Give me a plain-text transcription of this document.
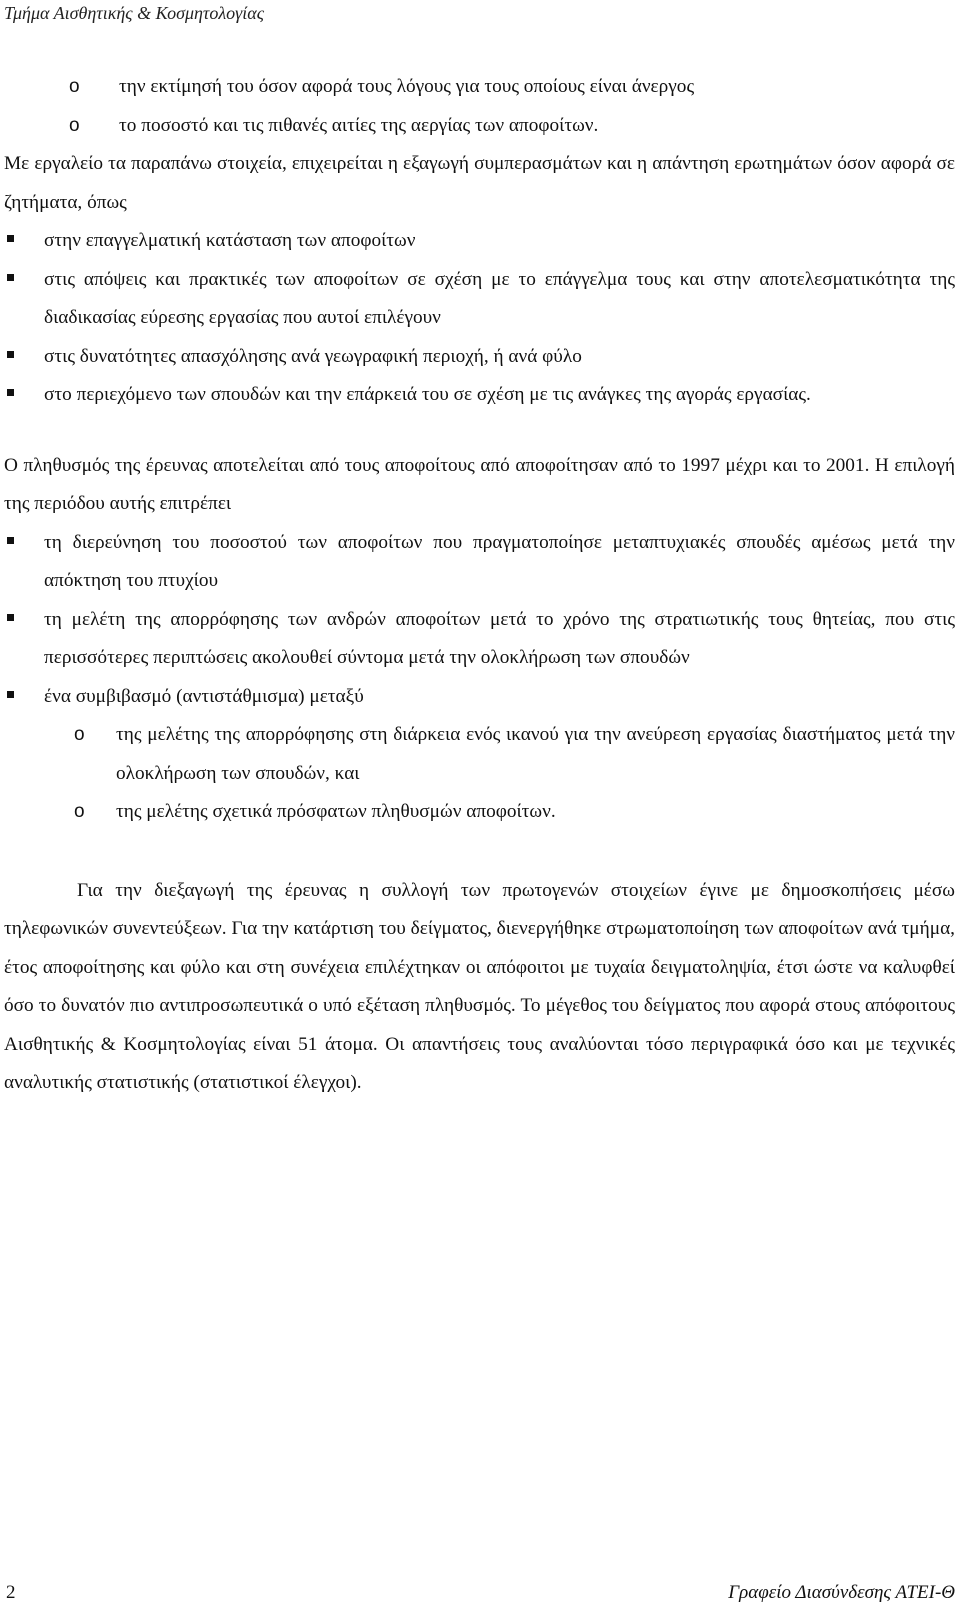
Τμήμα Αισθητικής & Κοσμητολογίας
o την εκτίμησή του όσον αφορά τους λόγους για τους οποίους είναι άνεργος
o το ποσοστό και τις πιθανές αιτίες της αεργίας των αποφοίτων.

Με εργαλείο τα παραπάνω στοιχεία, επιχειρείται η εξαγωγή συμπερασμάτων και η απάντηση ερωτημάτων όσον αφορά σε ζητήματα, όπως

στην επαγγελματική κατάσταση των αποφοίτων
στις απόψεις και πρακτικές των αποφοίτων σε σχέση με το επάγγελμα τους και στην αποτελεσματικότητα της διαδικασίας εύρεσης εργασίας που αυτοί επιλέγουν
στις δυνατότητες απασχόλησης ανά γεωγραφική περιοχή, ή ανά φύλο
στο περιεχόμενο των σπουδών και την επάρκειά του σε σχέση με τις ανάγκες της αγοράς εργασίας.

Ο πληθυσμός της έρευνας αποτελείται από τους αποφοίτους από αποφοίτησαν από το 1997 μέχρι και το 2001. Η επιλογή της περιόδου αυτής επιτρέπει

τη διερεύνηση του ποσοστού των αποφοίτων που πραγματοποίησε μεταπτυχιακές σπουδές αμέσως μετά την απόκτηση του πτυχίου
τη μελέτη της απορρόφησης των ανδρών αποφοίτων μετά το χρόνο της στρατιωτικής τους θητείας, που στις περισσότερες περιπτώσεις ακολουθεί σύντομα μετά την ολοκλήρωση των σπουδών
ένα συμβιβασμό (αντιστάθμισμα) μεταξύ
o της μελέτης της απορρόφησης στη διάρκεια ενός ικανού για την ανεύρεση εργασίας διαστήματος μετά την ολοκλήρωση των σπουδών, και
o της μελέτης σχετικά πρόσφατων πληθυσμών αποφοίτων.

Για την διεξαγωγή της έρευνας η συλλογή των πρωτογενών στοιχείων έγινε με δημοσκοπήσεις μέσω τηλεφωνικών συνεντεύξεων. Για την κατάρτιση του δείγματος, διενεργήθηκε στρωματοποίηση των αποφοίτων ανά τμήμα, έτος αποφοίτησης και φύλο και στη συνέχεια επιλέχτηκαν οι απόφοιτοι με τυχαία δειγματοληψία, έτσι ώστε να καλυφθεί όσο το δυνατόν πιο αντιπροσωπευτικά ο υπό εξέταση πληθυσμός. Το μέγεθος του δείγματος που αφορά στους απόφοιτους Αισθητικής & Κοσμητολογίας είναι 51 άτομα. Οι απαντήσεις τους αναλύονται τόσο περιγραφικά όσο και με τεχνικές αναλυτικής στατιστικής (στατιστικοί έλεγχοι).

2	Γραφείο Διασύνδεσης ΑΤΕΙ-Θ
